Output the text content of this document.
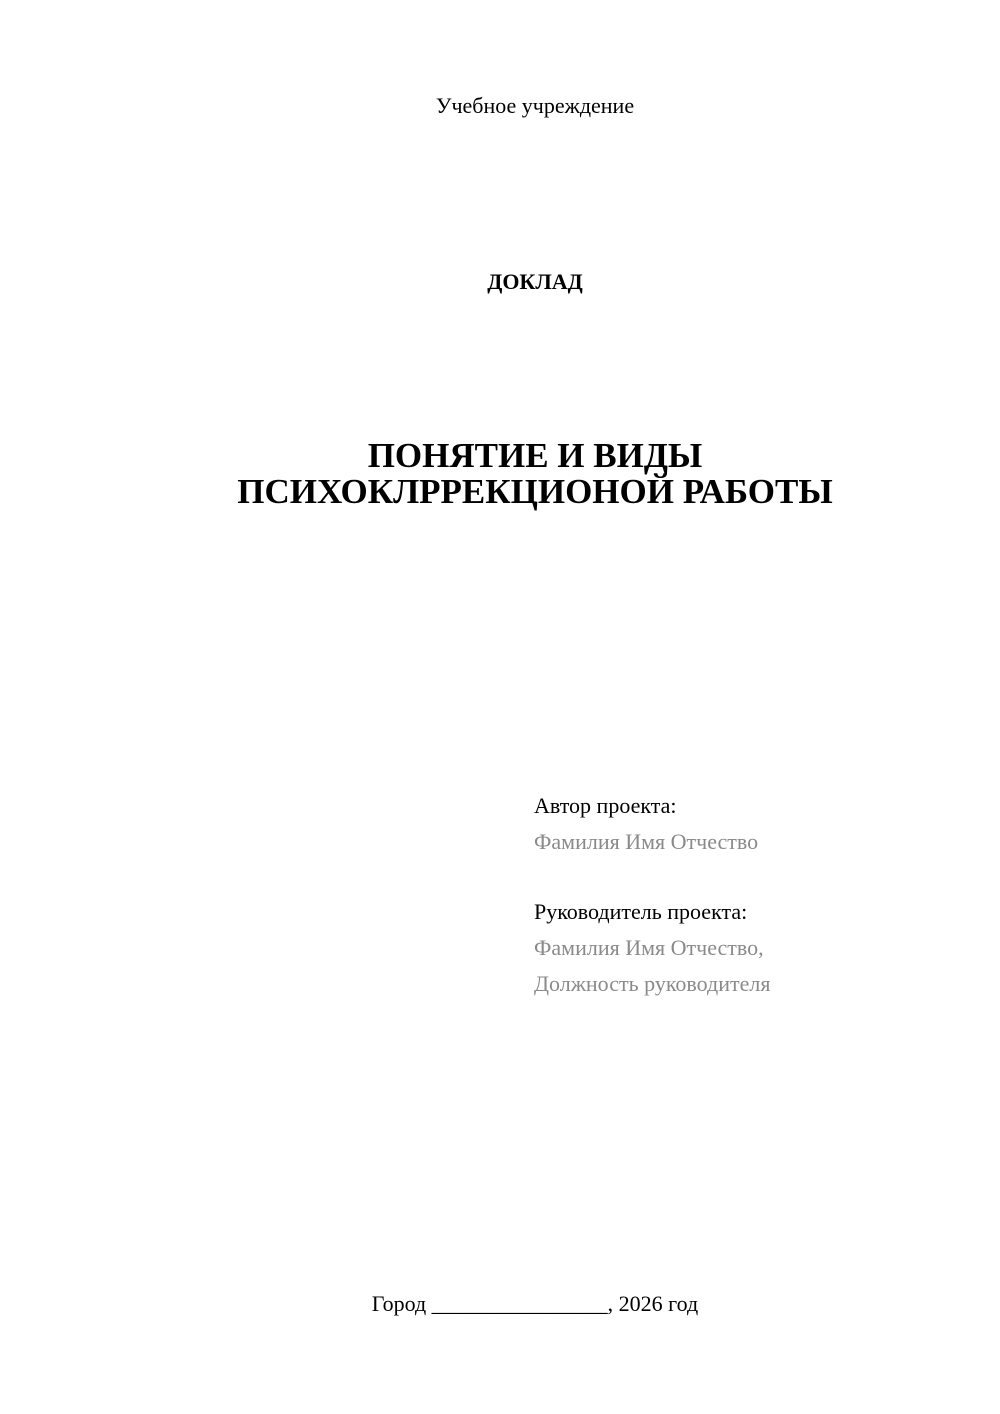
Учебное учреждение
ДОКЛАД
ПОНЯТИЕ И ВИДЫ
ПСИХОКЛРРЕКЦИОНОЙ РАБОТЫ
Автор проекта:
Фамилия Имя Отчество
Руководитель проекта:
Фамилия Имя Отчество,
Должность руководителя
Город ________________, 2026 год
